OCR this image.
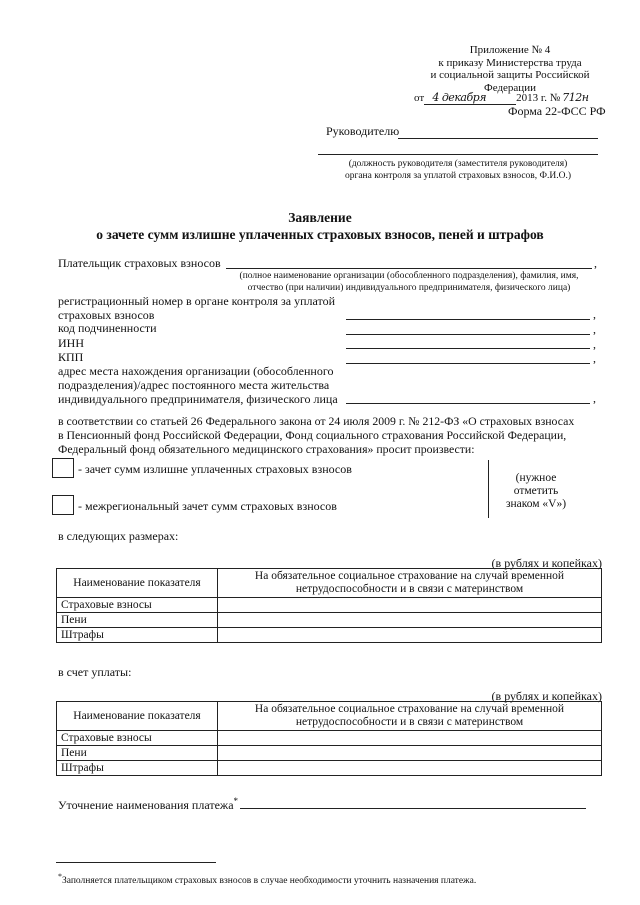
Приложение № 4
к приказу Министерства труда
и социальной защиты Российской
Федерации
от 4 декабря	2013 г. № 712н
Форма 22-ФСС РФ
Руководителю
(должность руководителя (заместителя руководителя)
органа контроля за уплатой страховых взносов, Ф.И.О.)
Заявление
о зачете сумм излишне уплаченных страховых взносов, пеней и штрафов
Плательщик страховых взносов	,
(полное наименование организации (обособленного подразделения), фамилия, имя,
отчество (при наличии) индивидуального предпринимателя, физического лица)
регистрационный номер в органе контроля за уплатой
страховых взносов	,
код подчиненности	,
ИНН	,
КПП	,
адрес места нахождения организации (обособленного
подразделения)/адрес постоянного места жительства
индивидуального предпринимателя, физического лица	,
в соответствии со статьей 26 Федерального закона от 24 июля 2009 г. № 212-ФЗ «О страховых взносах
в Пенсионный фонд Российской Федерации, Фонд социального страхования Российской Федерации,
Федеральный фонд обязательного медицинского страхования» просит произвести:
- зачет сумм излишне уплаченных страховых взносов
- межрегиональный зачет сумм страховых взносов
(нужное
отметить
знаком «V»)
в следующих размерах:
(в рублях и копейках)
Наименование показателя	На обязательное социальное страхование на случай временной
нетрудоспособности и в связи с материнством

Страховые взносы	
Пени	
Штрафы	
в счет уплаты:
(в рублях и копейках)
Наименование показателя	На обязательное социальное страхование на случай временной
нетрудоспособности и в связи с материнством

Страховые взносы	
Пени	
Штрафы	
Уточнение наименования платежа*
*Заполняется плательщиком страховых взносов в случае необходимости уточнить назначения платежа.
